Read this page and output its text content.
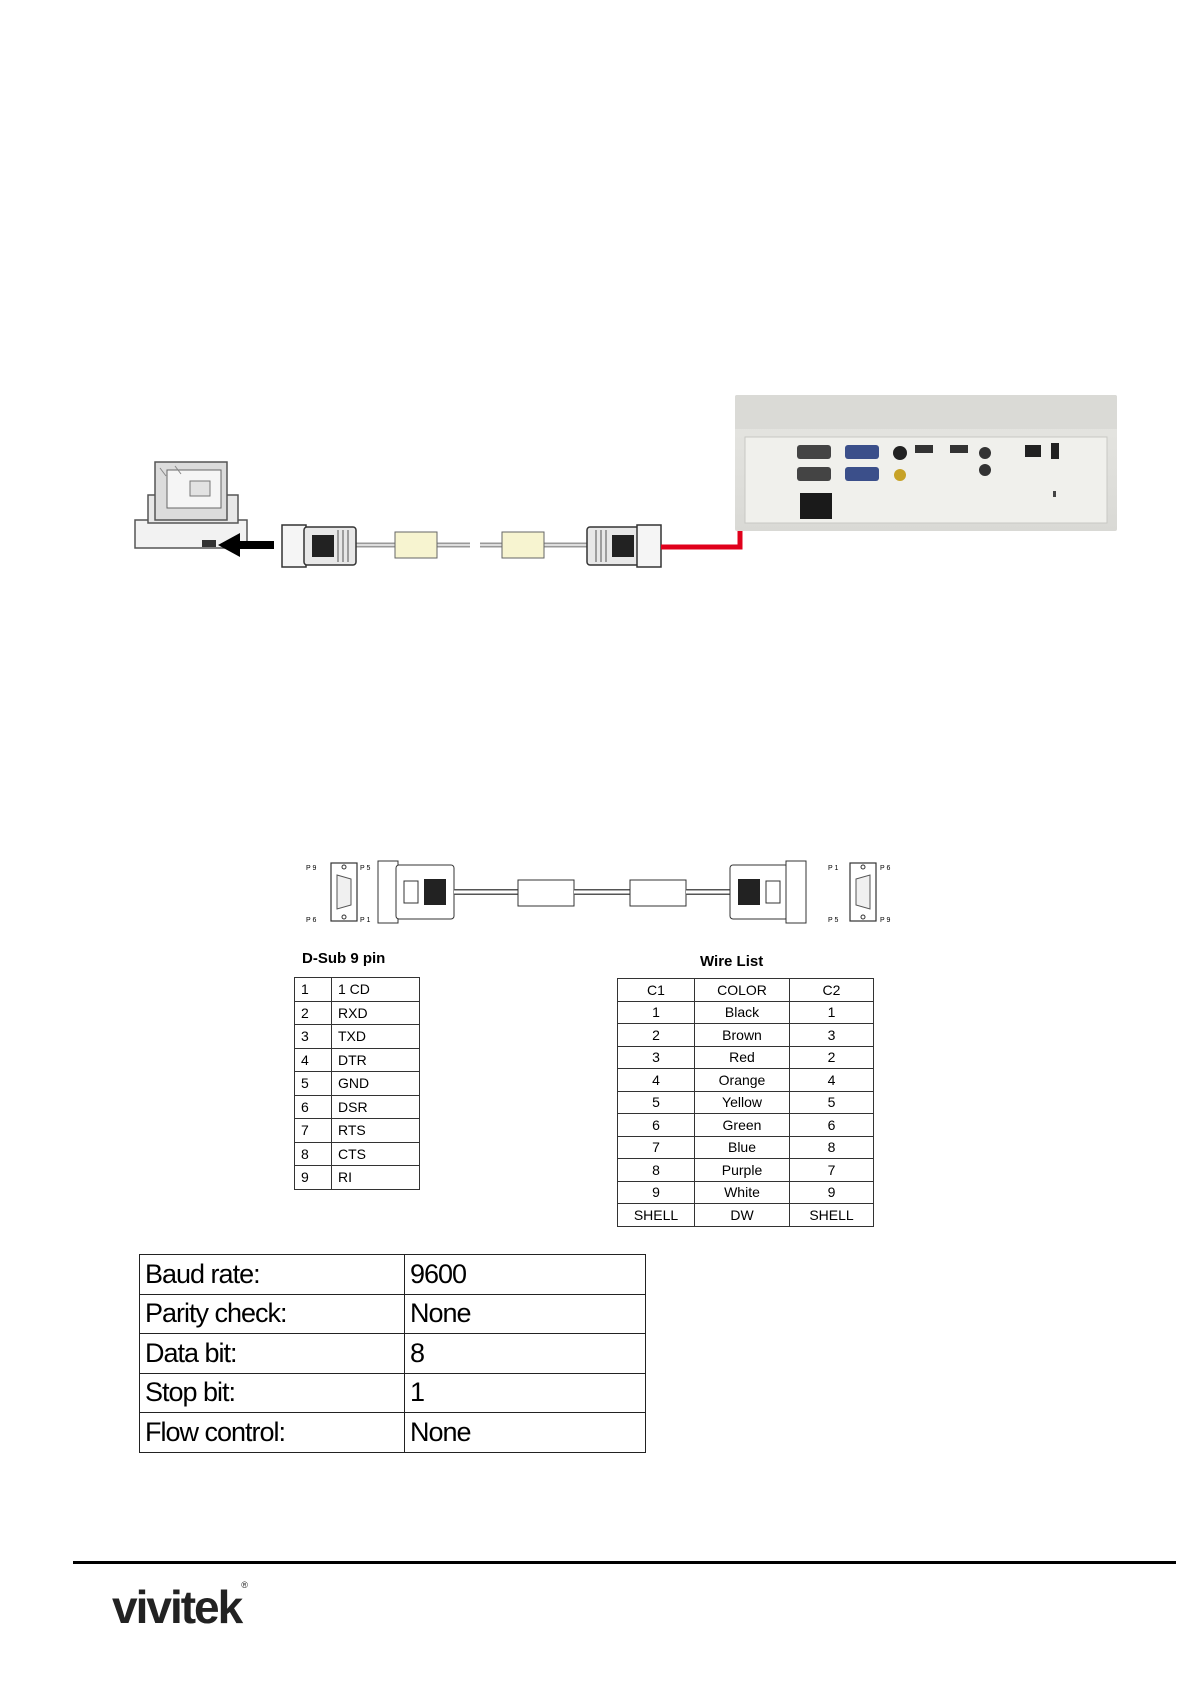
P 9	P 5
P 6	P 1
P 1	P 6
P 5	P 9
D-Sub 9 pin
1	1 CD
2	RXD
3	TXD
4	DTR
5	GND
6	DSR
7	RTS
8	CTS
9	RI
Wire List
C1	COLOR	C2
1	Black	1
2	Brown	3
3	Red	2
4	Orange	4
5	Yellow	5
6	Green	6
7	Blue	8
8	Purple	7
9	White	9
SHELL	DW	SHELL
Baud rate:	9600
Parity check:	None
Data bit:	8
Stop bit:	1
Flow control:	None
vivitek®
